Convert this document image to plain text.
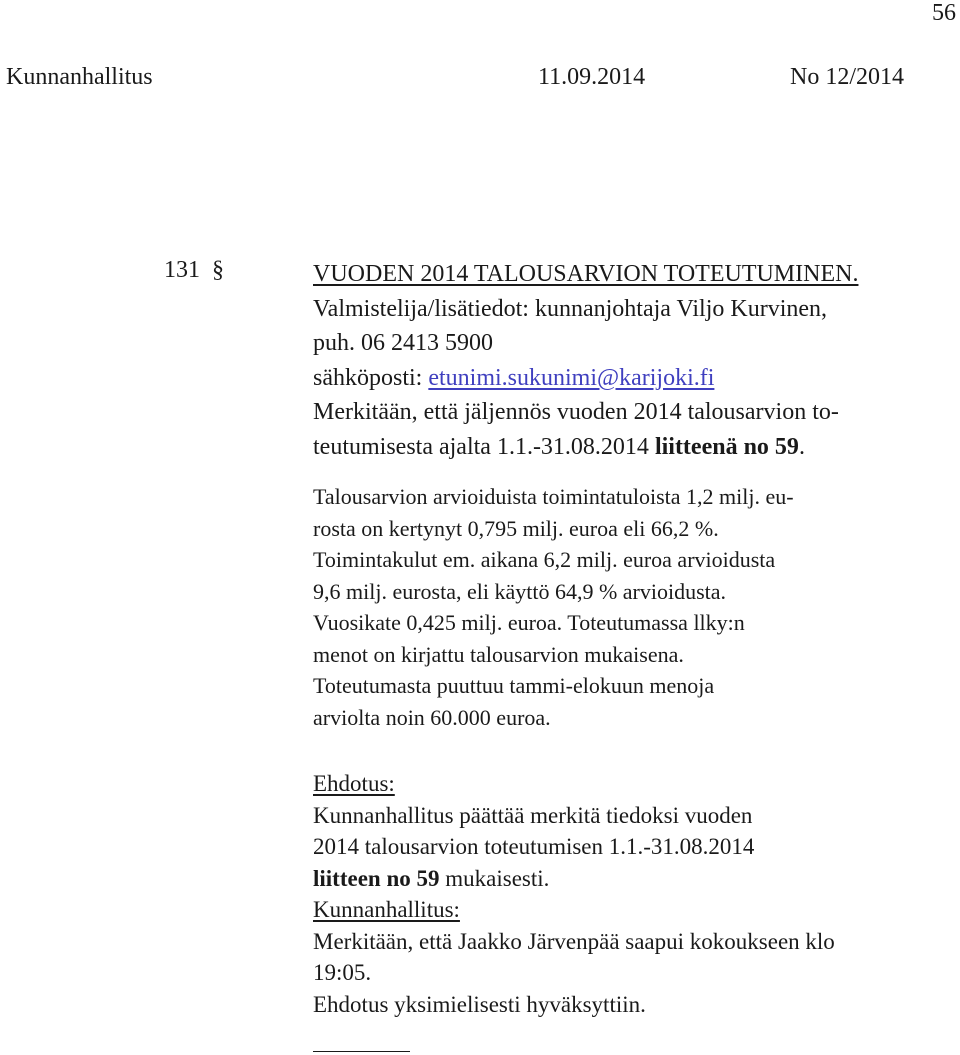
56
Kunnanhallitus	11.09.2014	No 12/2014
131 §	VUODEN 2014 TALOUSARVION TOTEUTUMINEN.
Valmistelija/lisätiedot: kunnanjohtaja Viljo Kurvinen,
puh. 06 2413 5900
sähköposti: etunimi.sukunimi@karijoki.fi
Merkitään, että jäljennös vuoden 2014 talousarvion to-
teutumisesta ajalta 1.1.-31.08.2014 liitteenä no 59.
Talousarvion arvioiduista toimintatuloista 1,2 milj. eu-
rosta on kertynyt 0,795 milj. euroa eli 66,2 %.
Toimintakulut em. aikana 6,2 milj. euroa arvioidusta
9,6 milj. eurosta, eli käyttö 64,9 % arvioidusta.
Vuosikate 0,425 milj. euroa. Toteutumassa llky:n
menot on kirjattu talousarvion mukaisena.
Toteutumasta puuttuu tammi-elokuun menoja
arviolta noin 60.000 euroa.
Ehdotus:
Kunnanhallitus päättää merkitä tiedoksi vuoden
2014 talousarvion toteutumisen 1.1.-31.08.2014
liitteen no 59 mukaisesti.
Kunnanhallitus:
Merkitään, että Jaakko Järvenpää saapui kokoukseen klo
19:05.
Ehdotus yksimielisesti hyväksyttiin.
